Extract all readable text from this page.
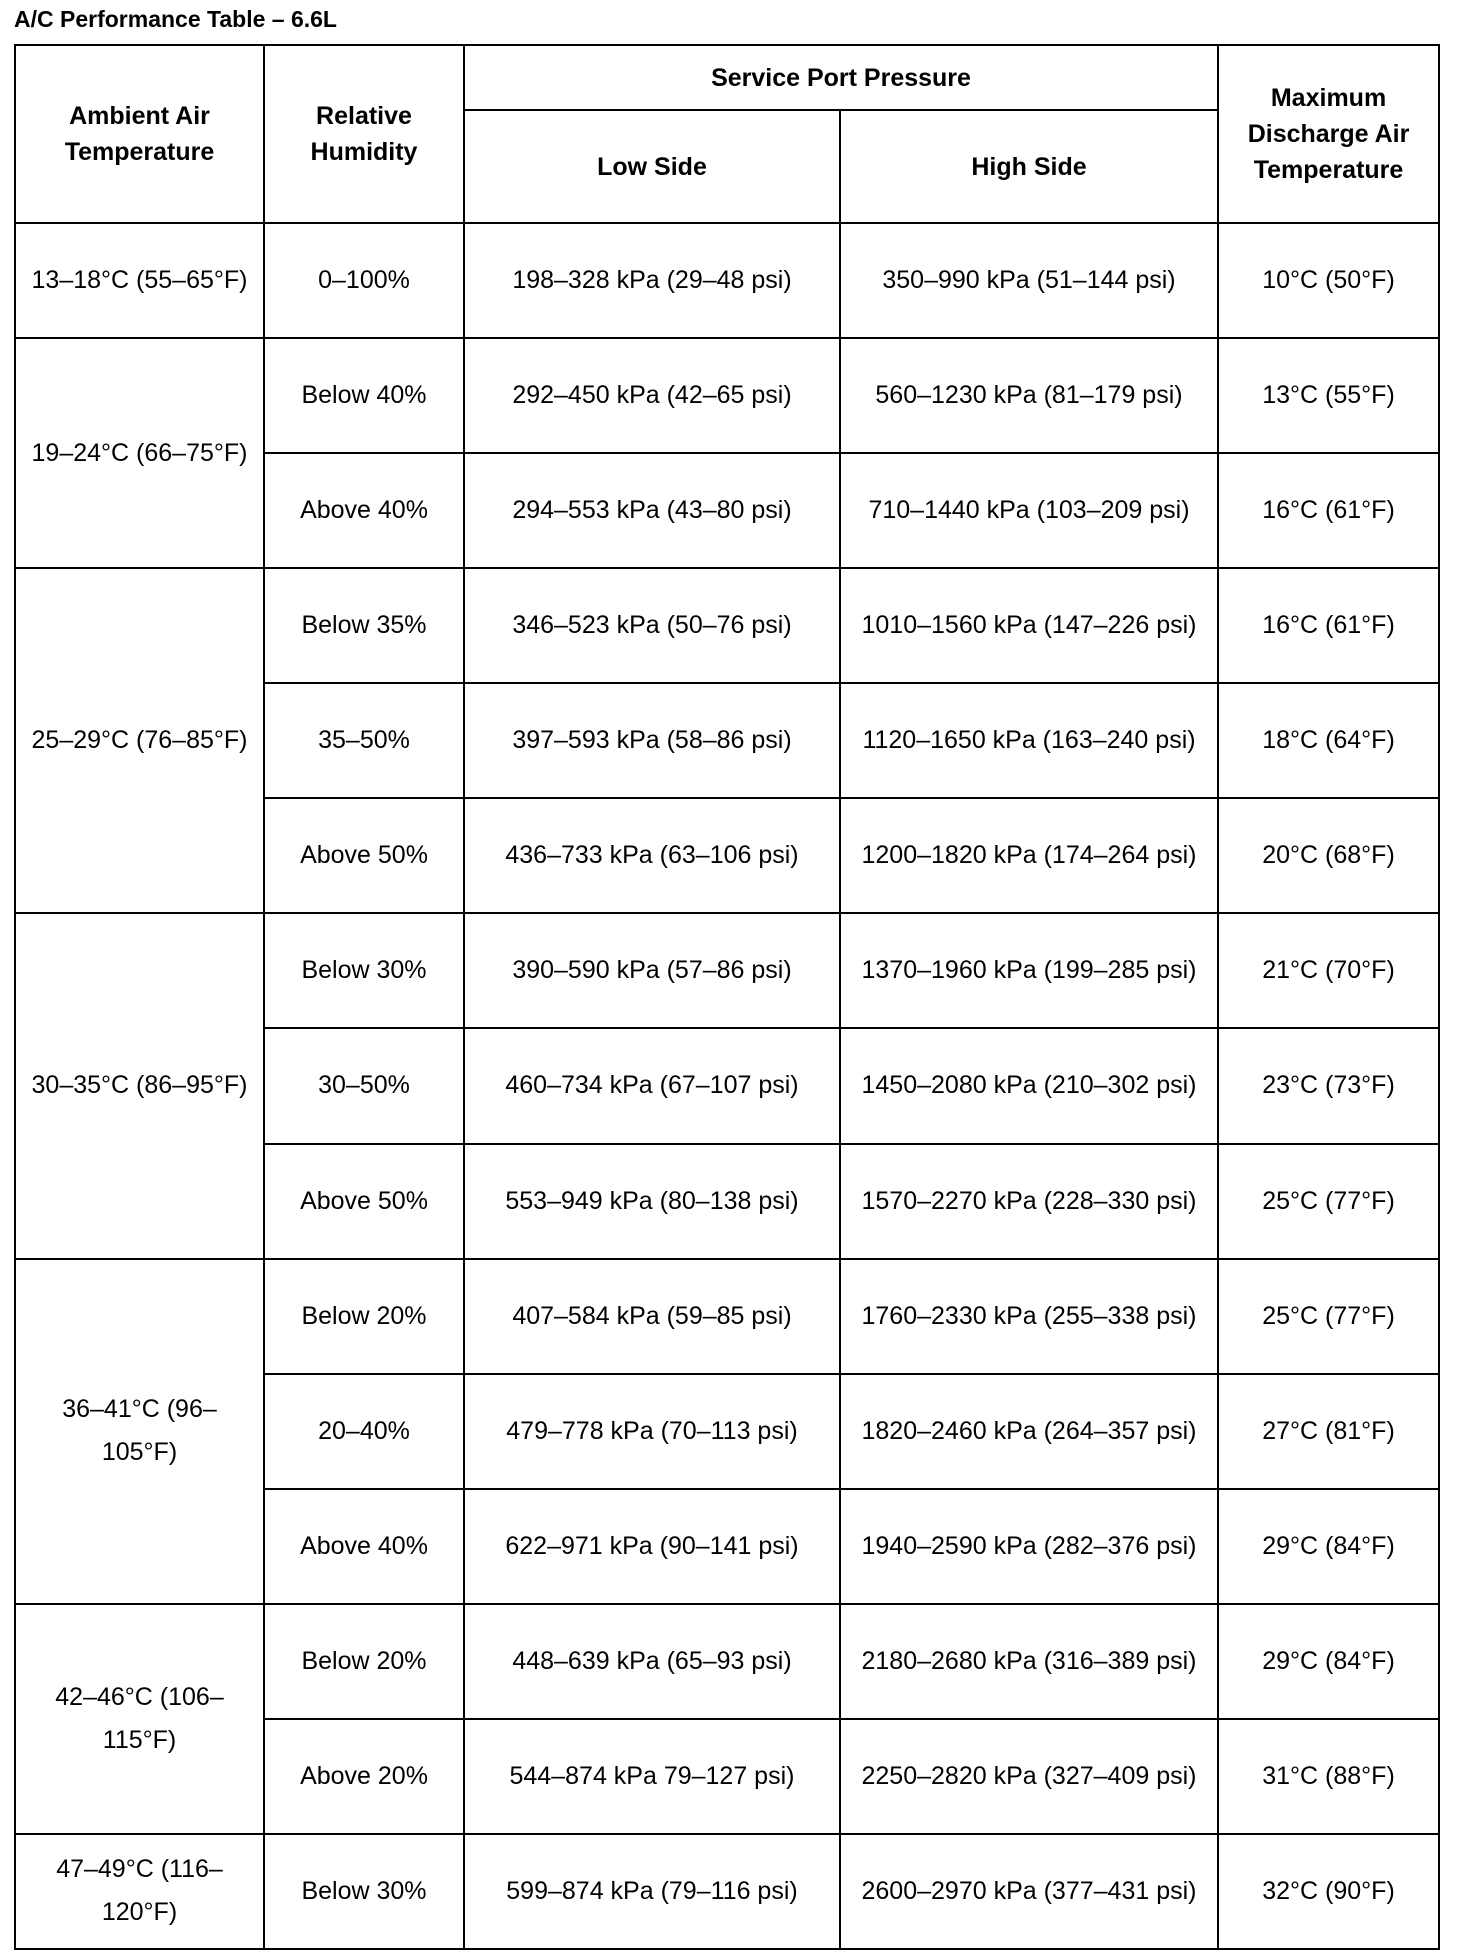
A/C Performance Table – 6.6L
Ambient Air Temperature	Relative Humidity	Service Port Pressure		Maximum Discharge Air Temperature
		Low Side	High Side	
13–18°C (55–65°F)	0–100%	198–328 kPa (29–48 psi)	350–990 kPa (51–144 psi)	10°C (50°F)
19–24°C (66–75°F)	Below 40%	292–450 kPa (42–65 psi)	560–1230 kPa (81–179 psi)	13°C (55°F)
	Above 40%	294–553 kPa (43–80 psi)	710–1440 kPa (103–209 psi)	16°C (61°F)
25–29°C (76–85°F)	Below 35%	346–523 kPa (50–76 psi)	1010–1560 kPa (147–226 psi)	16°C (61°F)
	35–50%	397–593 kPa (58–86 psi)	1120–1650 kPa (163–240 psi)	18°C (64°F)
	Above 50%	436–733 kPa (63–106 psi)	1200–1820 kPa (174–264 psi)	20°C (68°F)
30–35°C (86–95°F)	Below 30%	390–590 kPa (57–86 psi)	1370–1960 kPa (199–285 psi)	21°C (70°F)
	30–50%	460–734 kPa (67–107 psi)	1450–2080 kPa (210–302 psi)	23°C (73°F)
	Above 50%	553–949 kPa (80–138 psi)	1570–2270 kPa (228–330 psi)	25°C (77°F)
36–41°C (96–105°F)	Below 20%	407–584 kPa (59–85 psi)	1760–2330 kPa (255–338 psi)	25°C (77°F)
	20–40%	479–778 kPa (70–113 psi)	1820–2460 kPa (264–357 psi)	27°C (81°F)
	Above 40%	622–971 kPa (90–141 psi)	1940–2590 kPa (282–376 psi)	29°C (84°F)
42–46°C (106–115°F)	Below 20%	448–639 kPa (65–93 psi)	2180–2680 kPa (316–389 psi)	29°C (84°F)
	Above 20%	544–874 kPa 79–127 psi)	2250–2820 kPa (327–409 psi)	31°C (88°F)
47–49°C (116–120°F)	Below 30%	599–874 kPa (79–116 psi)	2600–2970 kPa (377–431 psi)	32°C (90°F)
